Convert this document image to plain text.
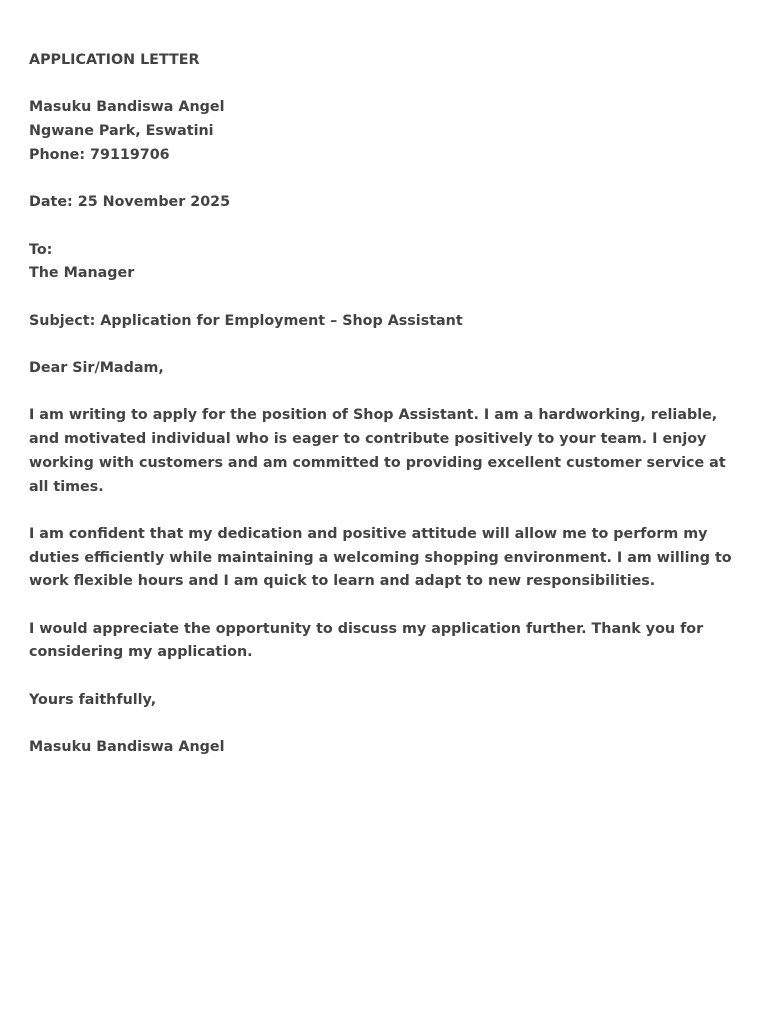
APPLICATION LETTER
Masuku Bandiswa Angel
Ngwane Park, Eswatini
Phone: 79119706
Date: 25 November 2025
To:
The Manager
Subject: Application for Employment – Shop Assistant
Dear Sir/Madam,
I am writing to apply for the position of Shop Assistant. I am a hardworking, reliable, and motivated individual who is eager to contribute positively to your team. I enjoy working with customers and am committed to providing excellent customer service at all times.
I am confident that my dedication and positive attitude will allow me to perform my duties efficiently while maintaining a welcoming shopping environment. I am willing to work flexible hours and I am quick to learn and adapt to new responsibilities.
I would appreciate the opportunity to discuss my application further. Thank you for considering my application.
Yours faithfully,
Masuku Bandiswa Angel
